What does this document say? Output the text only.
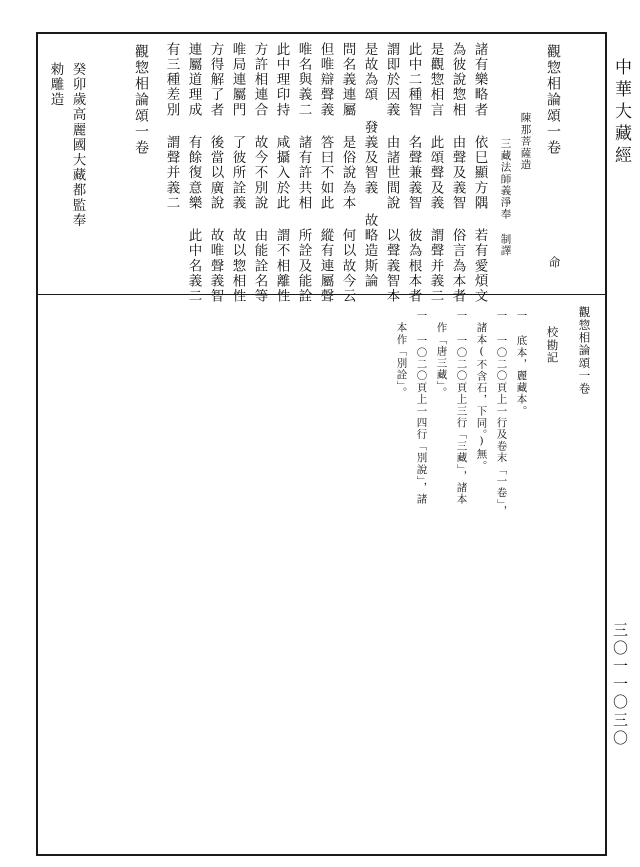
中華大藏經
三〇一一〇三〇
觀惣相論頌一卷
陳那菩薩造
三藏法師義淨奉 制譯
命
諸有樂略者 依巳顯方隅 若有愛煩文
為彼說惣相 由聲及義智 俗言為本者
是觀惣相言 此頌聲及義 謂聲并義二
此中二種智 名聲兼義智 彼為根本者
謂即於因義 由諸世間說 以聲義智本
是故為頌 發義及智義 故略造斯論
問名義連屬 是俗說為本 何以故今云
但唯辯聲義 答曰不如此 縱有連屬聲
唯名與義二 諸有許共相 所詮及能詮
此中理印持 咸攝入於此 謂不相離性
方許相連合 故今不別說 由能詮名等
唯局連屬門 了彼所詮義 故以惣相性
方得解了者 後當以廣說 故唯聲義智
連屬道理成 有餘復意樂 此中名義二
有三種差別 謂聲并義二
觀惣相論頌一卷
癸卯歲高麗國大藏都監奉
勑雕造
觀惣相論頌一卷
校勘記
一 底本，麗藏本。
一 一〇二〇頁上一行及卷末「一卷」，
諸本(不含石，下同。)無。
一 一〇二〇頁上三行「三藏」，諸本
作「唐三藏」。
一 一〇二〇頁上一四行「別說」，諸
本作「別詮」。
